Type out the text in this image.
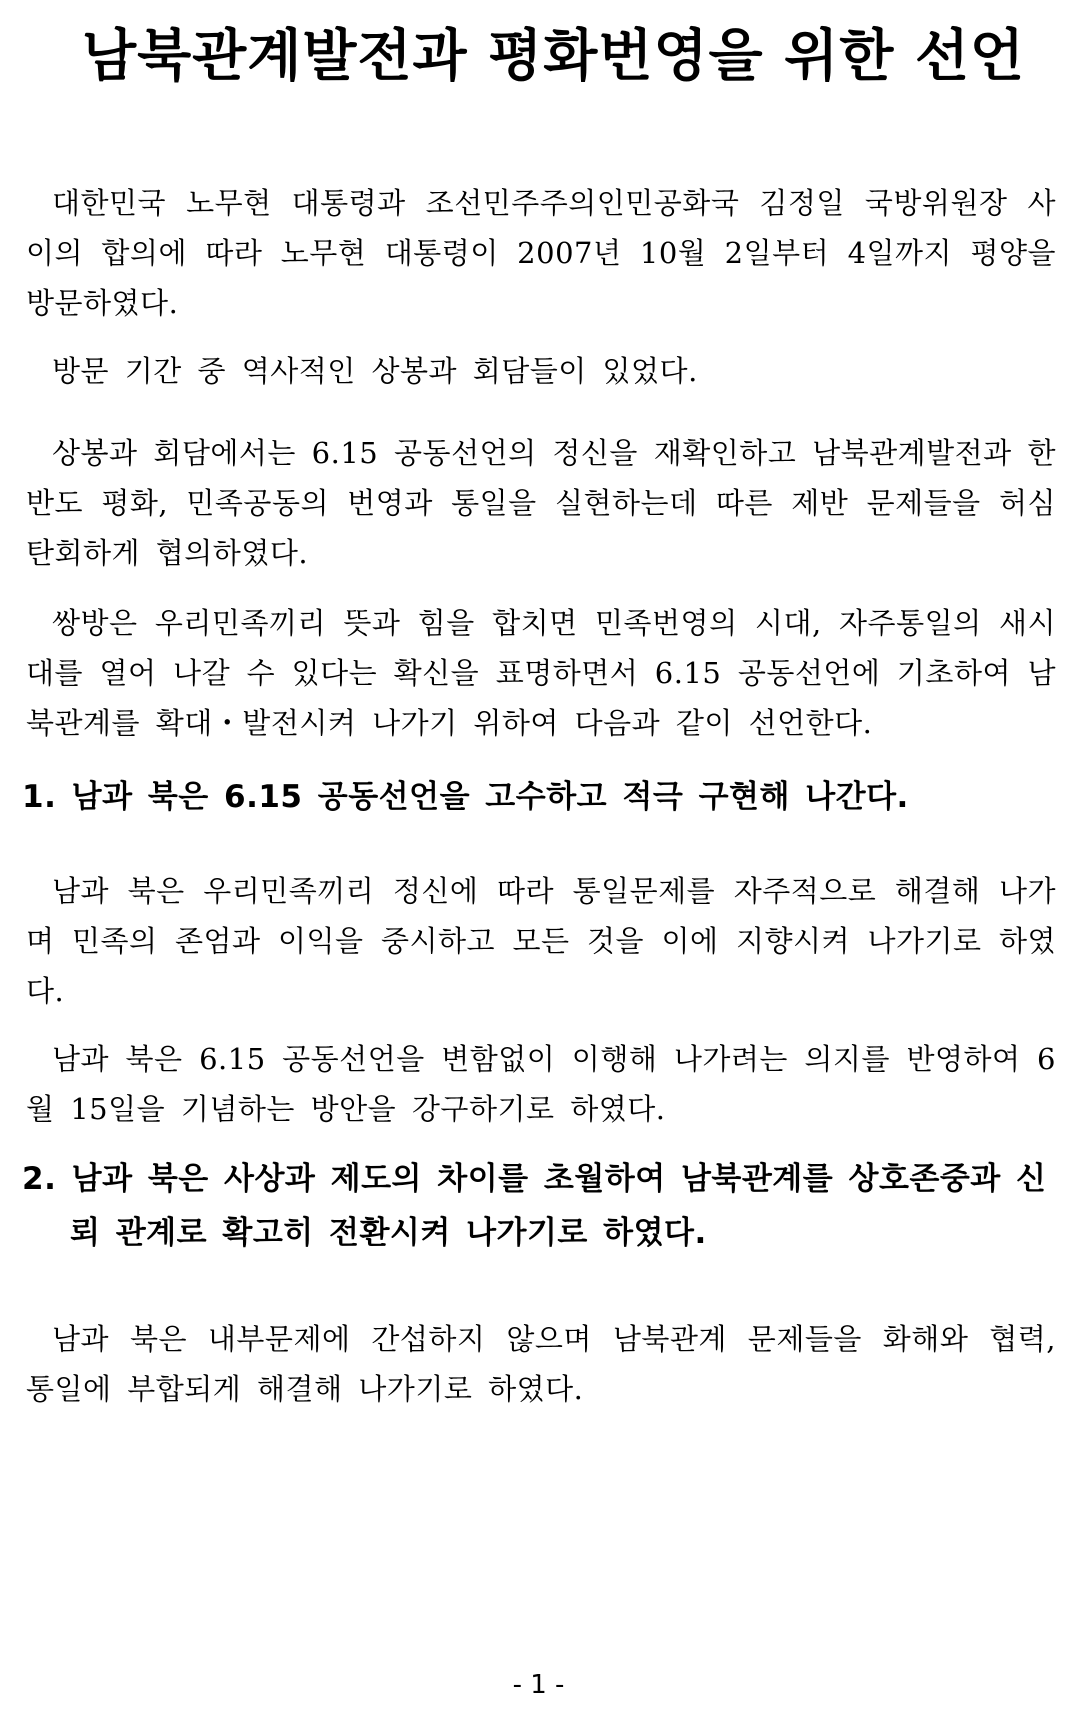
남북관계발전과 평화번영을 위한 선언
대한민국 노무현 대통령과 조선민주주의인민공화국 김정일 국방위원장 사이의 합의에 따라 노무현 대통령이 2007년 10월 2일부터 4일까지 평양을 방문하였다.
방문 기간 중 역사적인 상봉과 회담들이 있었다.
상봉과 회담에서는 6.15 공동선언의 정신을 재확인하고 남북관계발전과 한반도 평화, 민족공동의 번영과 통일을 실현하는데 따른 제반 문제들을 허심탄회하게 협의하였다.
쌍방은 우리민족끼리 뜻과 힘을 합치면 민족번영의 시대, 자주통일의 새시대를 열어 나갈 수 있다는 확신을 표명하면서 6.15 공동선언에 기초하여 남북관계를 확대・발전시켜 나가기 위하여 다음과 같이 선언한다.
1. 남과 북은 6.15 공동선언을 고수하고 적극 구현해 나간다.
남과 북은 우리민족끼리 정신에 따라 통일문제를 자주적으로 해결해 나가며 민족의 존엄과 이익을 중시하고 모든 것을 이에 지향시켜 나가기로 하였다.
남과 북은 6.15 공동선언을 변함없이 이행해 나가려는 의지를 반영하여 6월 15일을 기념하는 방안을 강구하기로 하였다.
2. 남과 북은 사상과 제도의 차이를 초월하여 남북관계를 상호존중과 신뢰 관계로 확고히 전환시켜 나가기로 하였다.
남과 북은 내부문제에 간섭하지 않으며 남북관계 문제들을 화해와 협력, 통일에 부합되게 해결해 나가기로 하였다.
- 1 -
